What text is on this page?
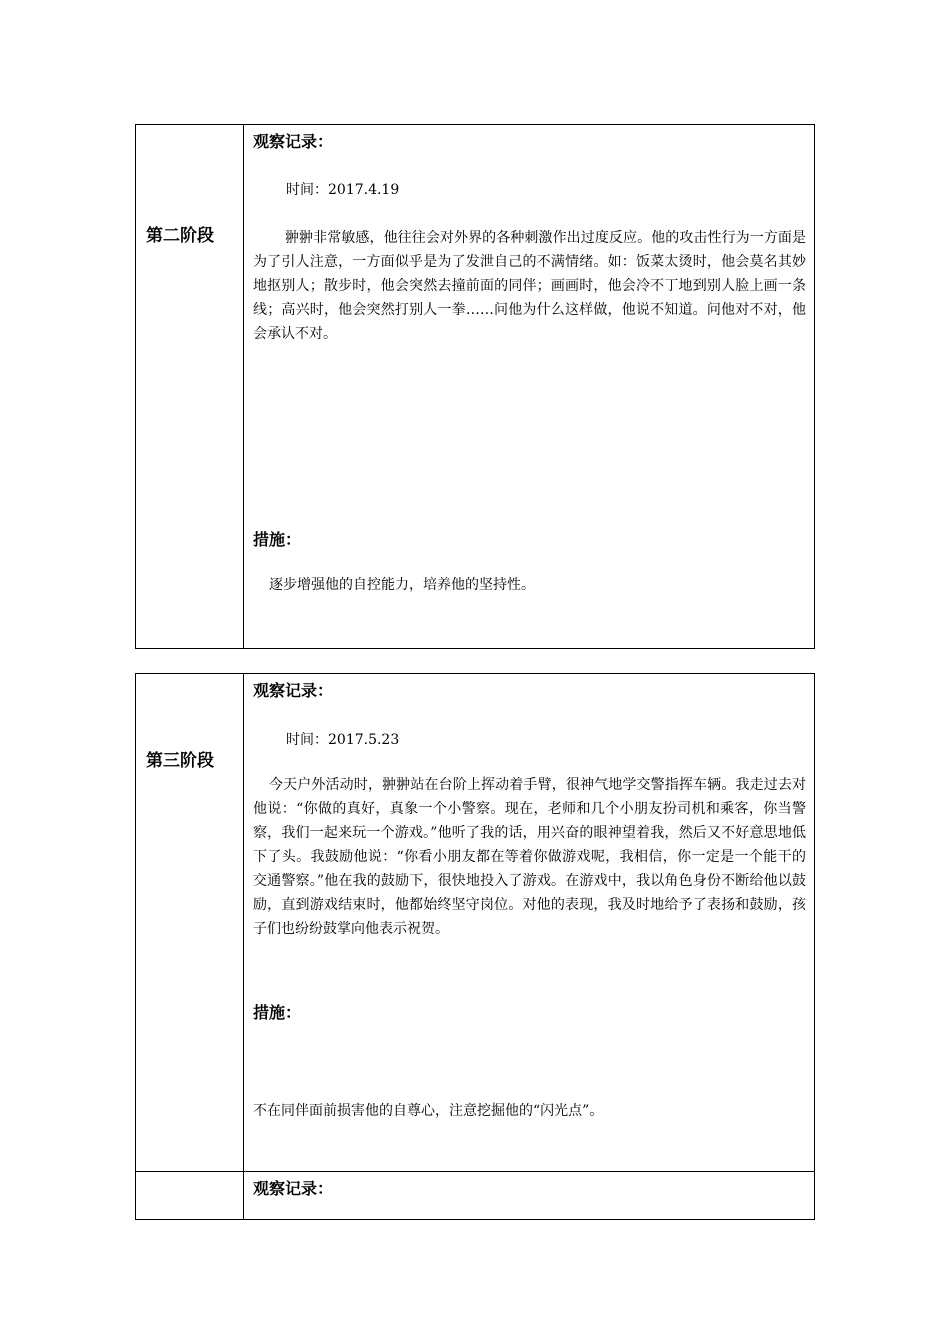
第二阶段
观察记录：
时间：2017.4.19
翀翀非常敏感，他往往会对外界的各种刺激作出过度反应。他的攻击性行为一方面是为了引人注意，一方面似乎是为了发泄自己的不满情绪。如：饭菜太烫时，他会莫名其妙地抠别人；散步时，他会突然去撞前面的同伴；画画时，他会冷不丁地到别人脸上画一条线；高兴时，他会突然打别人一拳……问他为什么这样做，他说不知道。问他对不对，他会承认不对。
措施：
逐步增强他的自控能力，培养他的坚持性。
第三阶段
观察记录：
时间：2017.5.23
今天户外活动时，翀翀站在台阶上挥动着手臂，很神气地学交警指挥车辆。我走过去对他说：“你做的真好，真象一个小警察。现在，老师和几个小朋友扮司机和乘客，你当警察，我们一起来玩一个游戏。”他听了我的话，用兴奋的眼神望着我，然后又不好意思地低下了头。我鼓励他说：“你看小朋友都在等着你做游戏呢，我相信，你一定是一个能干的交通警察。”他在我的鼓励下，很快地投入了游戏。在游戏中，我以角色身份不断给他以鼓励，直到游戏结束时，他都始终坚守岗位。对他的表现，我及时地给予了表扬和鼓励，孩子们也纷纷鼓掌向他表示祝贺。
措施：
不在同伴面前损害他的自尊心，注意挖掘他的“闪光点”。
观察记录：
